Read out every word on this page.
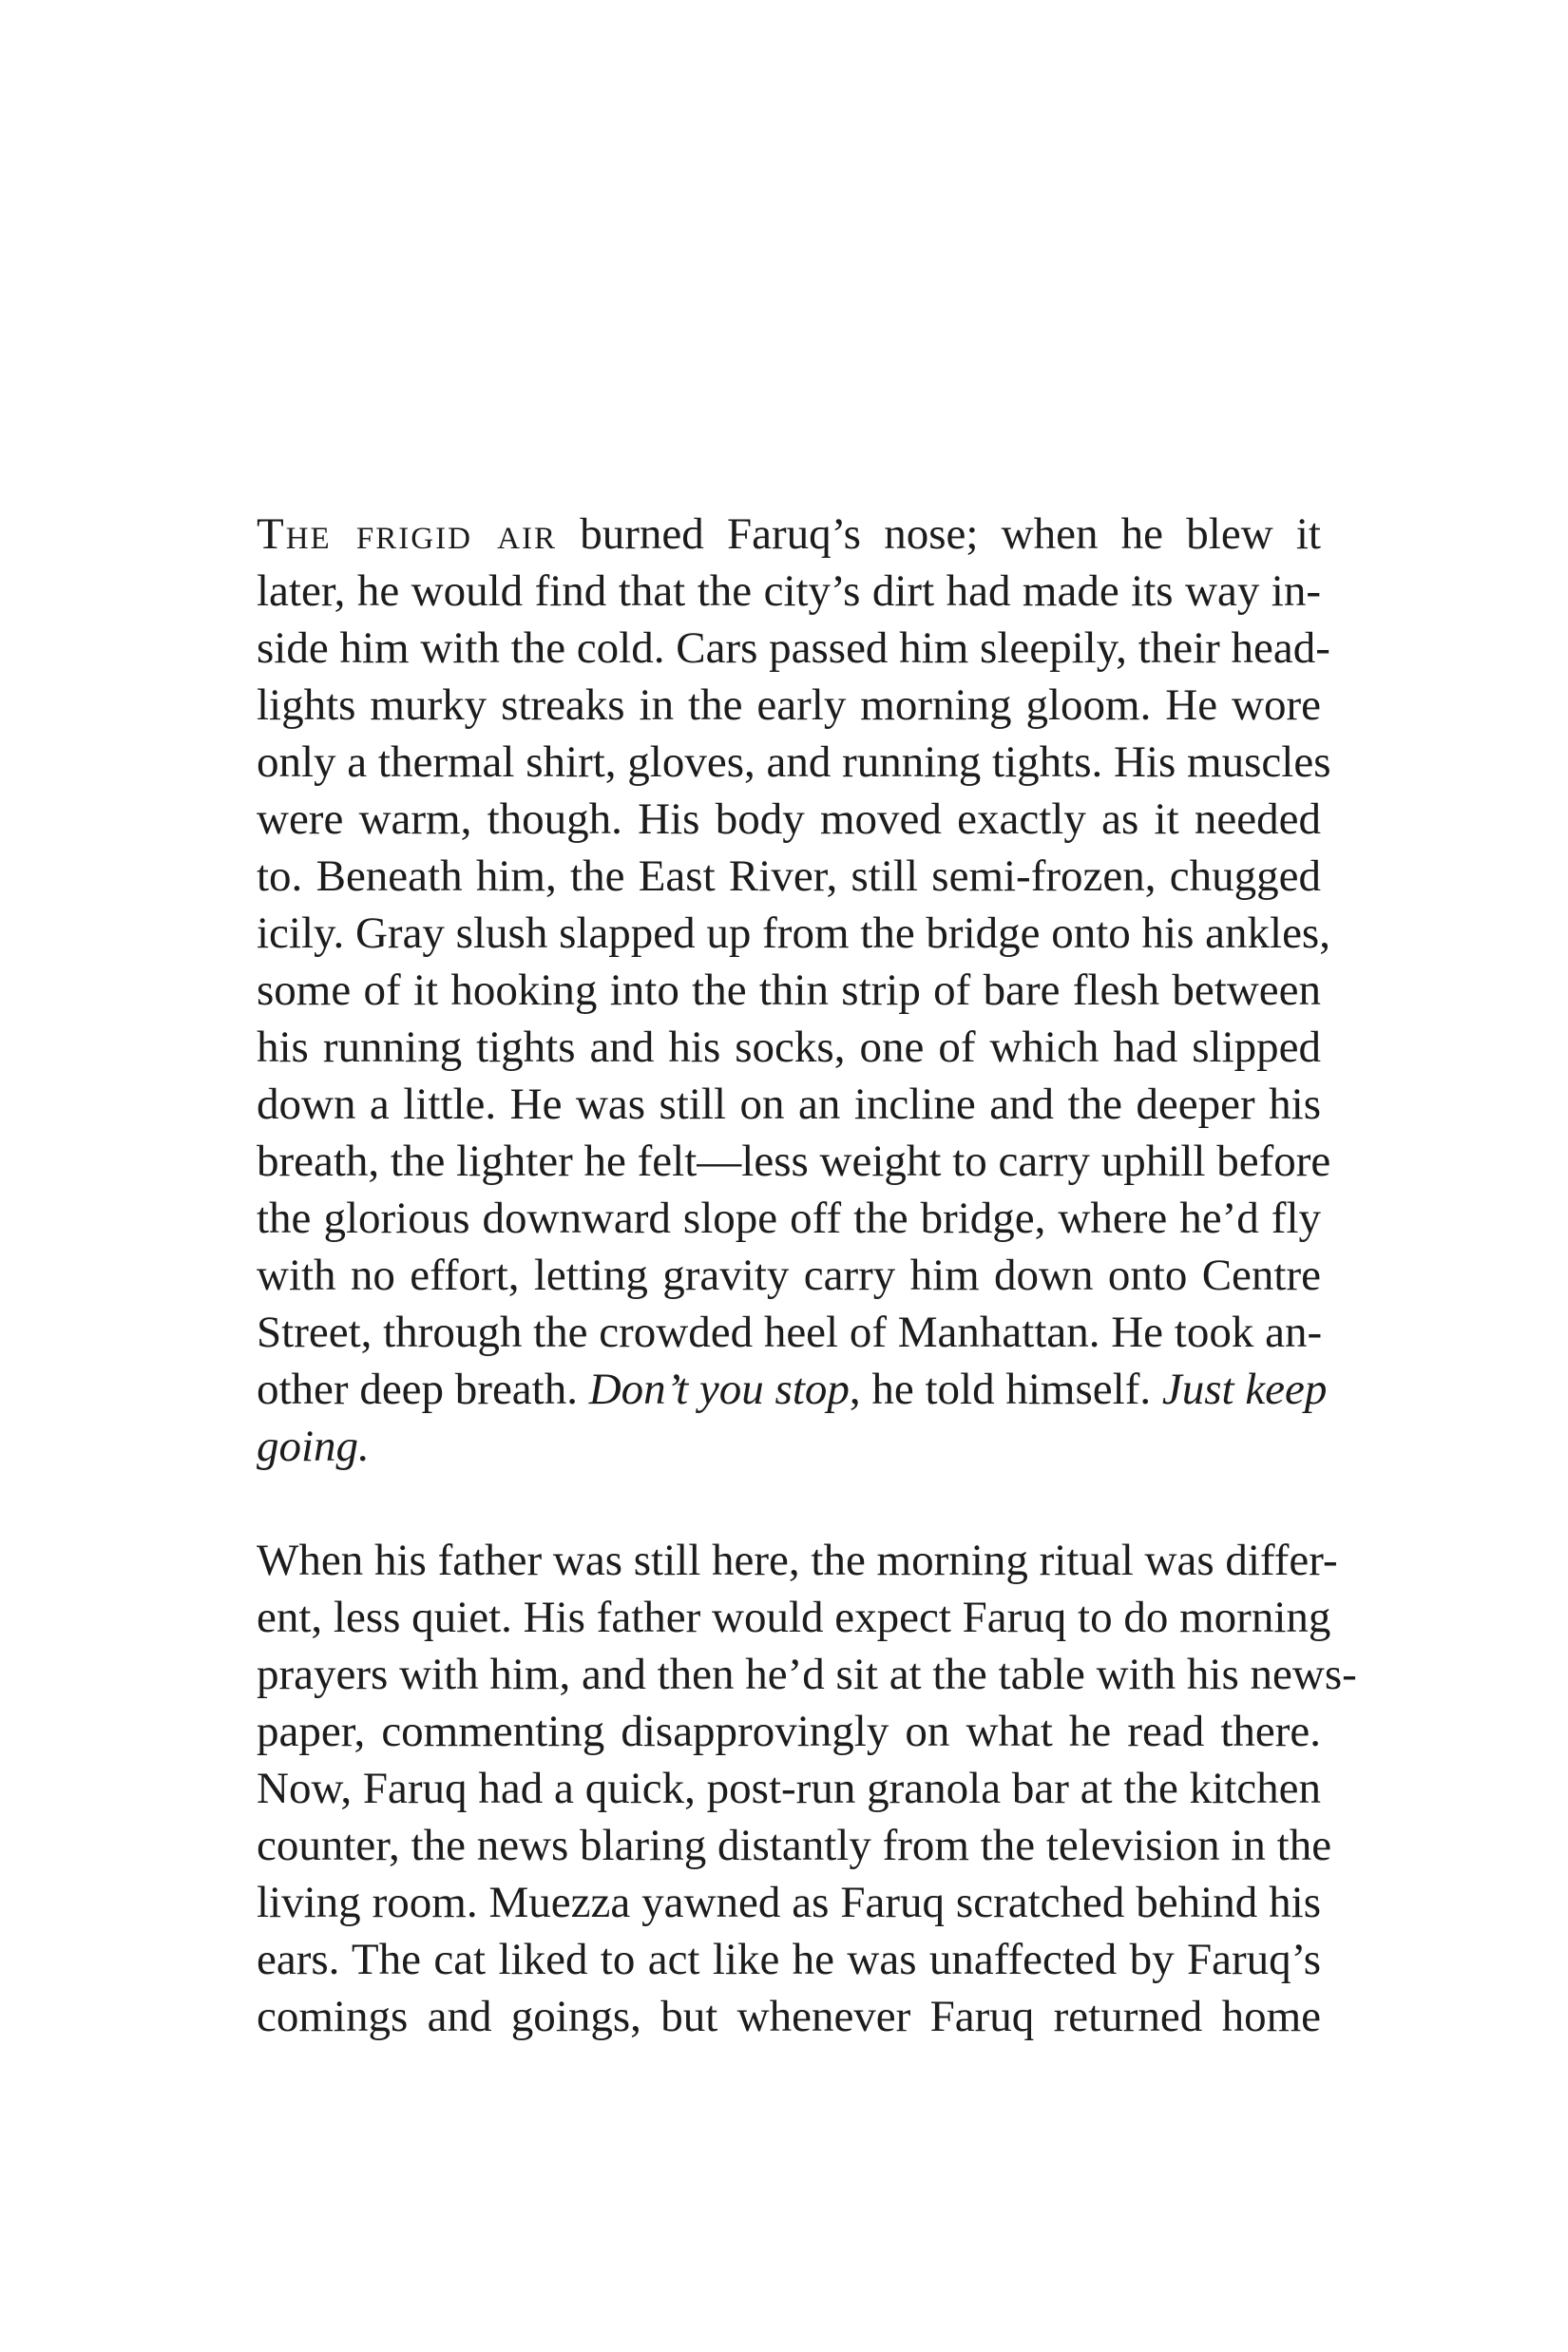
The frigid air burned Faruq’s nose; when he blew it
later, he would find that the city’s dirt had made its way in-
side him with the cold. Cars passed him sleepily, their head-
lights murky streaks in the early morning gloom. He wore
only a thermal shirt, gloves, and running tights. His muscles
were warm, though. His body moved exactly as it needed
to. Beneath him, the East River, still semi-frozen, chugged
icily. Gray slush slapped up from the bridge onto his ankles,
some of it hooking into the thin strip of bare flesh between
his running tights and his socks, one of which had slipped
down a little. He was still on an incline and the deeper his
breath, the lighter he felt—less weight to carry uphill before
the glorious downward slope off the bridge, where he’d fly
with no effort, letting gravity carry him down onto Centre
Street, through the crowded heel of Manhattan. He took an-
other deep breath. Don’t you stop, he told himself. Just keep
going.
When his father was still here, the morning ritual was differ-
ent, less quiet. His father would expect Faruq to do morning
prayers with him, and then he’d sit at the table with his news-
paper, commenting disapprovingly on what he read there.
Now, Faruq had a quick, post-run granola bar at the kitchen
counter, the news blaring distantly from the television in the
living room. Muezza yawned as Faruq scratched behind his
ears. The cat liked to act like he was unaffected by Faruq’s
comings and goings, but whenever Faruq returned home
